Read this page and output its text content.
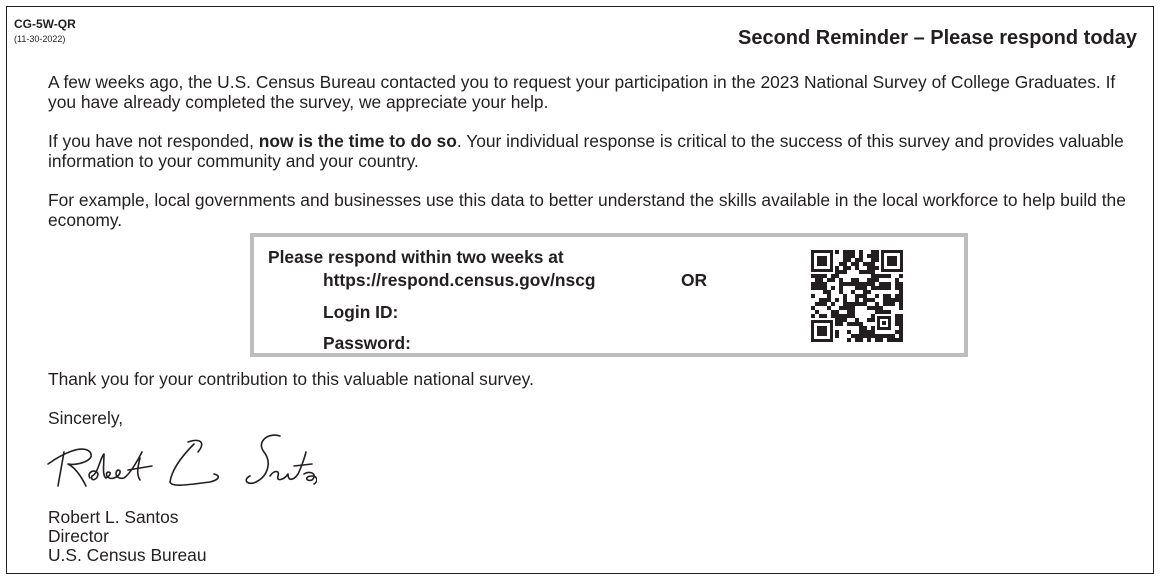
CG-5W-QR
(11-30-2022)	Second Reminder – Please respond today

A few weeks ago, the U.S. Census Bureau contacted you to request your participation in the 2023 National Survey of College Graduates. If you have already completed the survey, we appreciate your help.

If you have not responded, now is the time to do so. Your individual response is critical to the success of this survey and provides valuable information to your community and your country.

For example, local governments and businesses use this data to better understand the skills available in the local workforce to help build the economy.

Please respond within two weeks at
https://respond.census.gov/nscg	OR
Login ID:
Password:
Thank you for your contribution to this valuable national survey.
Sincerely,
Robert L. Santos
Director
U.S. Census Bureau
